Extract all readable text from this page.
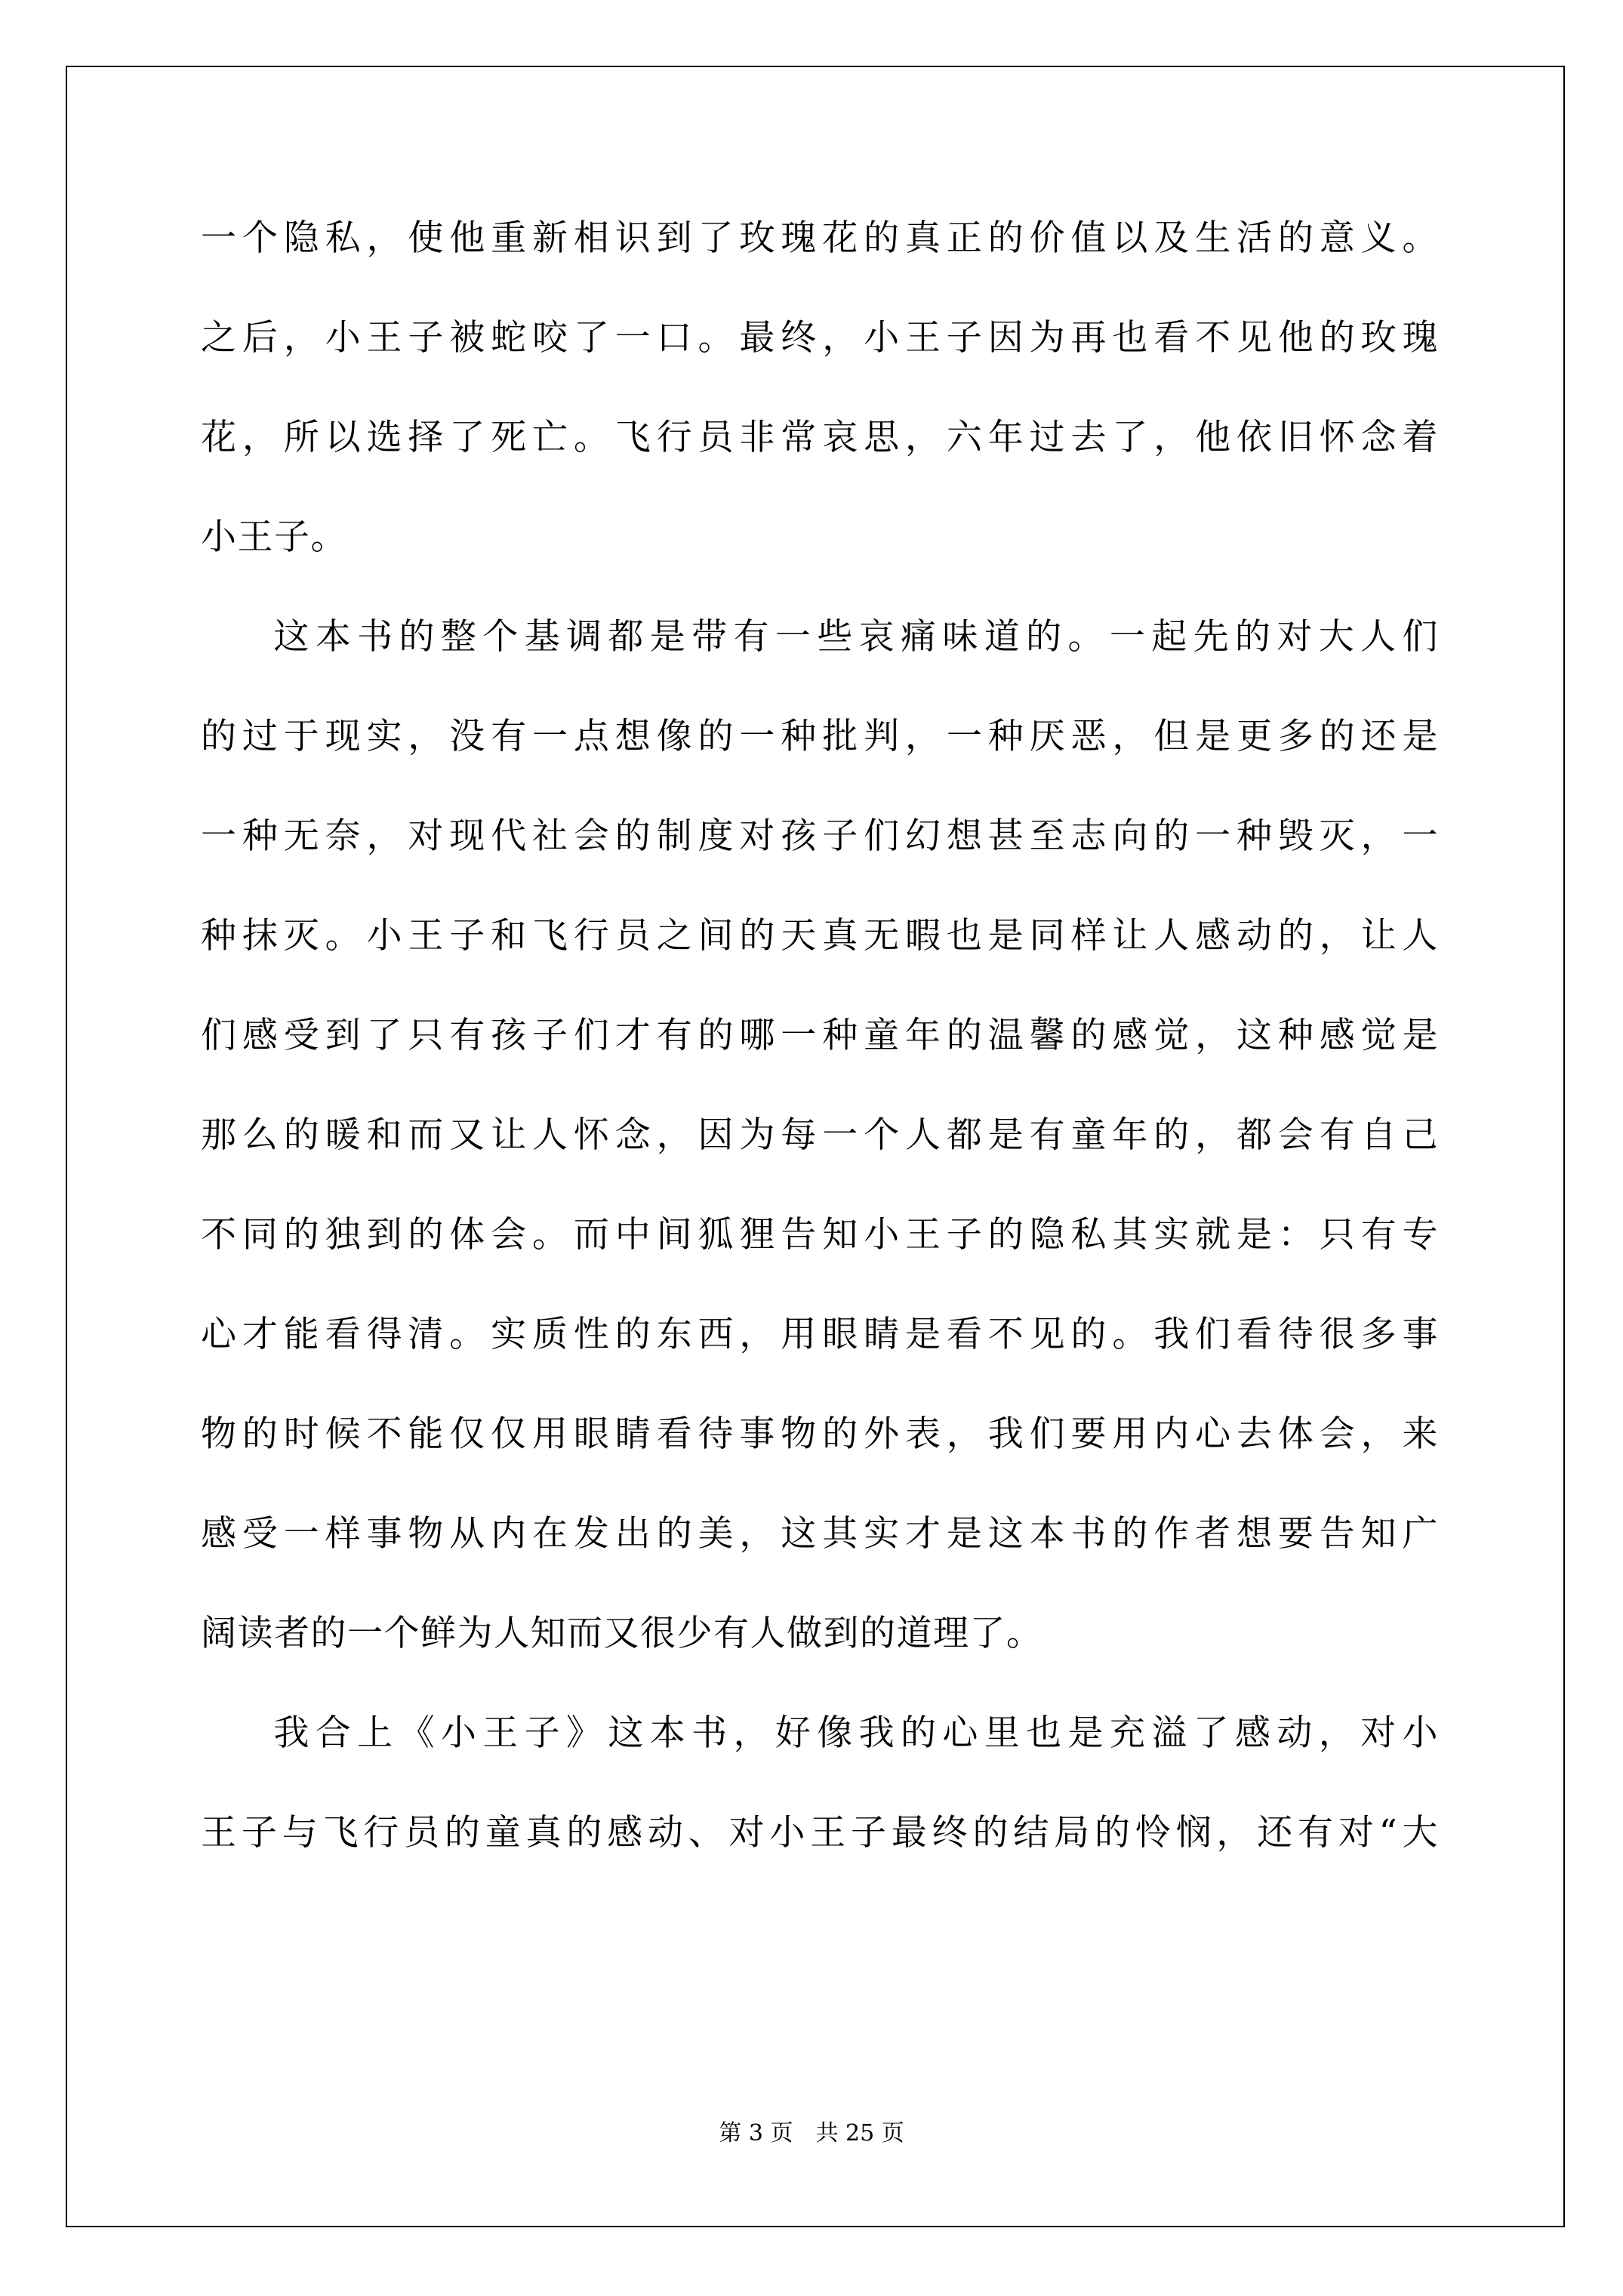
一个隐私，使他重新相识到了玫瑰花的真正的价值以及生活的意义。
之后，小王子被蛇咬了一口。最终，小王子因为再也看不见他的玫瑰
花，所以选择了死亡。飞行员非常哀思，六年过去了，他依旧怀念着
小王子。

这本书的整个基调都是带有一些哀痛味道的。一起先的对大人们
的过于现实，没有一点想像的一种批判，一种厌恶，但是更多的还是
一种无奈，对现代社会的制度对孩子们幻想甚至志向的一种毁灭，一
种抹灭。小王子和飞行员之间的天真无暇也是同样让人感动的，让人
们感受到了只有孩子们才有的哪一种童年的温馨的感觉，这种感觉是
那么的暖和而又让人怀念，因为每一个人都是有童年的，都会有自己
不同的独到的体会。而中间狐狸告知小王子的隐私其实就是：只有专
心才能看得清。实质性的东西，用眼睛是看不见的。我们看待很多事
物的时候不能仅仅用眼睛看待事物的外表，我们要用内心去体会，来
感受一样事物从内在发出的美，这其实才是这本书的作者想要告知广
阔读者的一个鲜为人知而又很少有人做到的道理了。

我合上《小王子》这本书，好像我的心里也是充溢了感动，对小
王子与飞行员的童真的感动、对小王子最终的结局的怜悯，还有对“大

第 3 页 共 25 页
